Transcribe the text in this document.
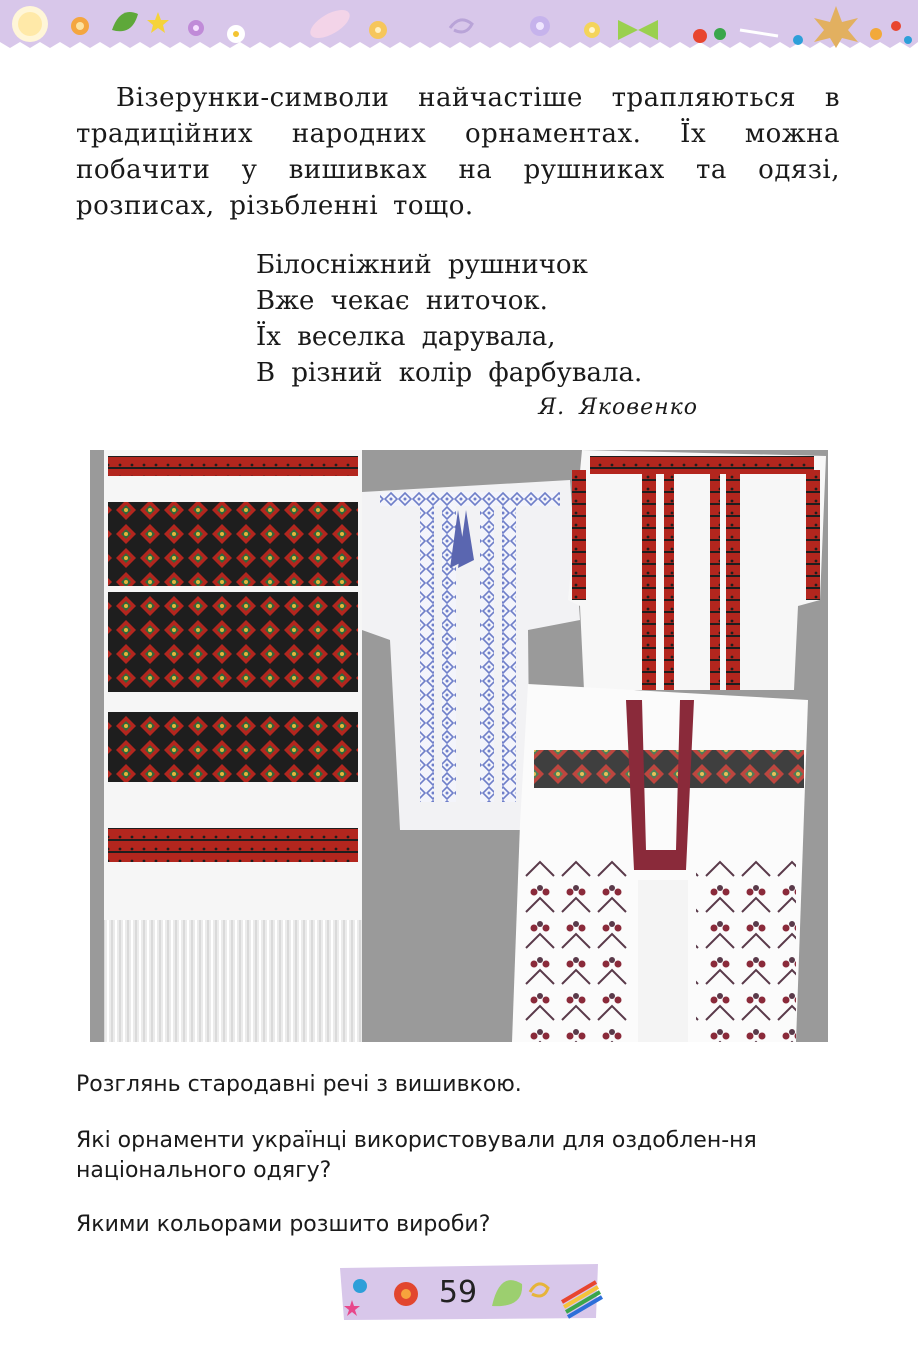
Візерунки-символи найчастіше трапляються в традиційних народних орнаментах. Їх можна побачити у вишивках на рушниках та одязі, розписах, різьбленні тощо.

Білосніжний рушничок
Вже чекає ниточок.
Їх веселка дарувала,
В різний колір фарбувала.
Я. Яковенко
Розглянь стародавні речі з вишивкою.
Які орнаменти українці використовували для оздоблен-ня національного одягу?
Якими кольорами розшито вироби?
59
